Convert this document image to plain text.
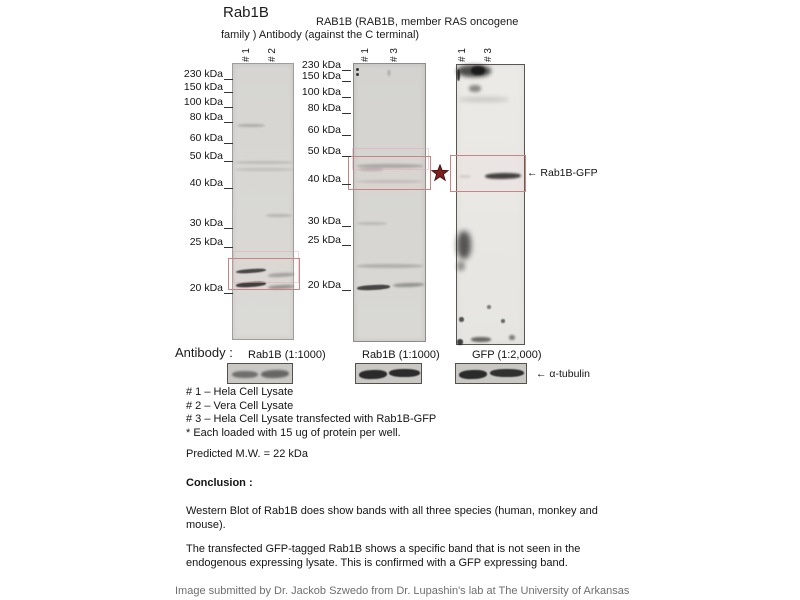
Rab1B
RAB1B (RAB1B, member RAS oncogene
family ) Antibody (against the C terminal)
← Rab1B-GFP
Antibody : Rab1B (1:1000)	Rab1B (1:1000)	GFP (1:2,000)
← α-tubulin
# 1 – Hela Cell Lysate
# 2 – Vera Cell Lysate
# 3 – Hela Cell Lysate transfected with Rab1B-GFP
* Each loaded with 15 ug of protein per well.
Predicted M.W. = 22 kDa
Conclusion :
Western Blot of Rab1B does show bands with all three species (human, monkey and
mouse).
The transfected GFP-tagged Rab1B shows a specific band that is not seen in the
endogenous expressing lysate. This is confirmed with a GFP expressing band.
Image submitted by Dr. Jackob Szwedo from Dr. Lupashin's lab at The University of Arkansas
# 1 # 2
230 kDa
150 kDa
100 kDa
80 kDa
60 kDa
50 kDa
40 kDa
30 kDa
25 kDa
20 kDa
# 1 # 3
230 kDa
150 kDa
100 kDa
80 kDa
60 kDa
50 kDa
40 kDa
30 kDa
25 kDa
20 kDa
# 1 # 3
